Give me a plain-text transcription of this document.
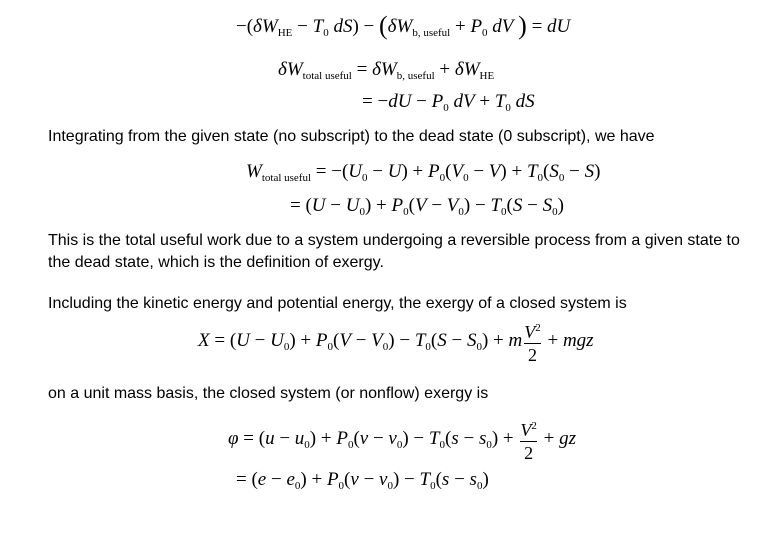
$-(\delta W_{HE} - T_0$ $dS) - (\delta W_{b, useful} + P_0$ dV ) = dU
$\delta W_{total useful} = \delta W_{b, useful} + \delta W_{HE}$
= $-dU - P_0$ dV + $T_0$ dS

Integrating from the given state (no subscript) to the dead state (0 subscript), we have

$W_{total useful} = -(U_0 - U) + P_0(V_0 - V) + T_0(S_0 - S)$
= $(U - U_0) + P_0(V - V_0) - T_0(S - S_0)$

This is the total useful work due to a system undergoing a reversible process from a given state to the dead state, which is the definition of exergy.

Including the kinetic energy and potential energy, the exergy of a closed system is

$X = (U - U_0) + P_0(V - V_0) - T_0(S - S_0) + m \frac{V^2}{2}$ + mgz

on a unit mass basis, the closed system (or nonflow) exergy is

$\varphi = (u - u_0) + P_0(v - v_0) - T_0(s - s_0) + \frac{V^2}{2}$ + gz
= $(e - e_0) + P_0(v - v_0) - T_0(s - s_0)$
